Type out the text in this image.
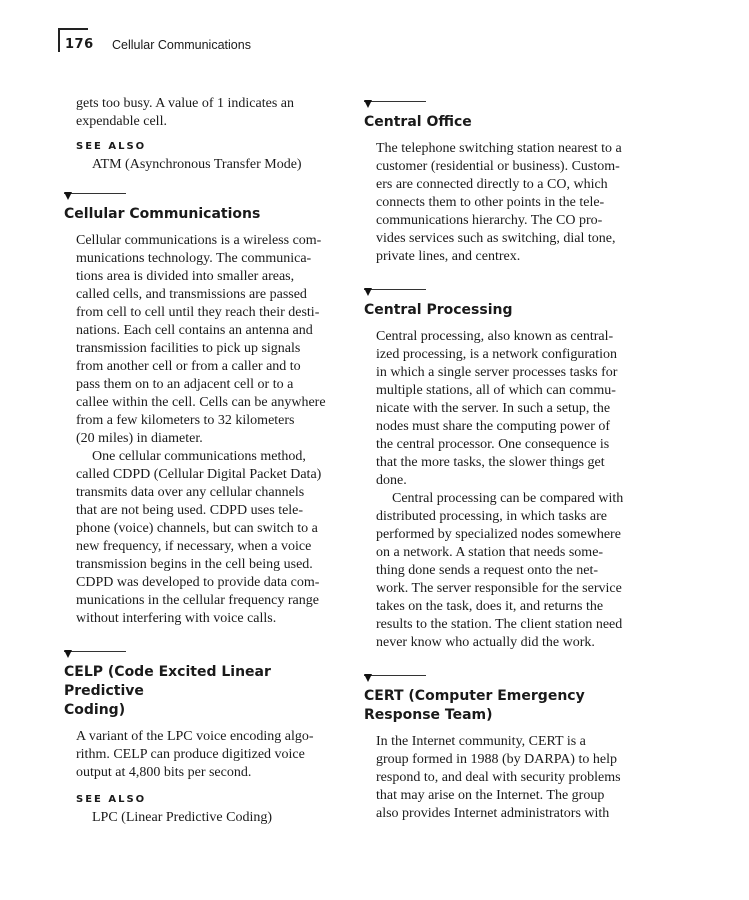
176 Cellular Communications

gets too busy. A value of 1 indicates an
expendable cell.

SEE ALSO
ATM (Asynchronous Transfer Mode)
Cellular Communications

Cellular communications is a wireless com-
munications technology. The communica-
tions area is divided into smaller areas,
called cells, and transmissions are passed
from cell to cell until they reach their desti-
nations. Each cell contains an antenna and
transmission facilities to pick up signals
from another cell or from a caller and to
pass them on to an adjacent cell or to a
callee within the cell. Cells can be anywhere
from a few kilometers to 32 kilometers
(20 miles) in diameter.

One cellular communications method,
called CDPD (Cellular Digital Packet Data)
transmits data over any cellular channels
that are not being used. CDPD uses tele-
phone (voice) channels, but can switch to a
new frequency, if necessary, when a voice
transmission begins in the cell being used.
CDPD was developed to provide data com-
munications in the cellular frequency range
without interfering with voice calls.

CELP (Code Excited Linear Predictive
Coding)

A variant of the LPC voice encoding algo-
rithm. CELP can produce digitized voice
output at 4,800 bits per second.

SEE ALSO
LPC (Linear Predictive Coding)
Central Office

The telephone switching station nearest to a
customer (residential or business). Custom-
ers are connected directly to a CO, which
connects them to other points in the tele-
communications hierarchy. The CO pro-
vides services such as switching, dial tone,
private lines, and centrex.

Central Processing

Central processing, also known as central-
ized processing, is a network configuration
in which a single server processes tasks for
multiple stations, all of which can commu-
nicate with the server. In such a setup, the
nodes must share the computing power of
the central processor. One consequence is
that the more tasks, the slower things get
done.

Central processing can be compared with
distributed processing, in which tasks are
performed by specialized nodes somewhere
on a network. A station that needs some-
thing done sends a request onto the net-
work. The server responsible for the service
takes on the task, does it, and returns the
results to the station. The client station need
never know who actually did the work.

CERT (Computer Emergency
Response Team)

In the Internet community, CERT is a
group formed in 1988 (by DARPA) to help
respond to, and deal with security problems
that may arise on the Internet. The group
also provides Internet administrators with
